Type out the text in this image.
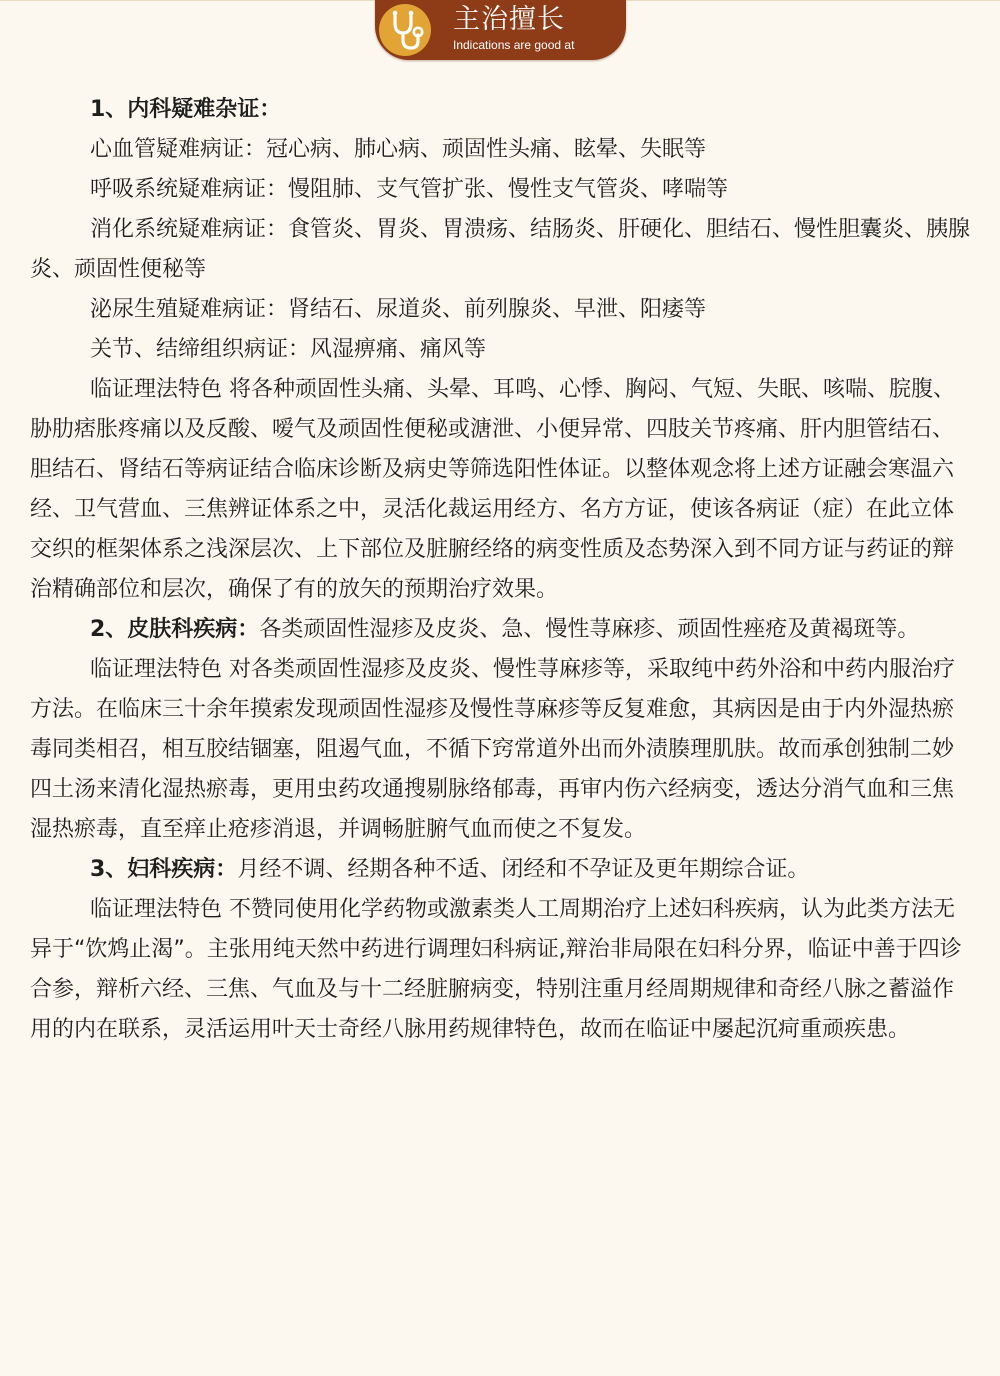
主治擅长
Indications are good at

1、内科疑难杂证：

心血管疑难病证：冠心病、肺心病、顽固性头痛、眩晕、失眠等

呼吸系统疑难病证：慢阻肺、支气管扩张、慢性支气管炎、哮喘等

消化系统疑难病证：食管炎、胃炎、胃溃疡、结肠炎、肝硬化、胆结石、慢性胆囊炎、胰腺炎、顽固性便秘等

泌尿生殖疑难病证：肾结石、尿道炎、前列腺炎、早泄、阳痿等

关节、结缔组织病证：风湿痹痛、痛风等

临证理法特色 将各种顽固性头痛、头晕、耳鸣、心悸、胸闷、气短、失眠、咳喘、脘腹、胁肋痞胀疼痛以及反酸、嗳气及顽固性便秘或溏泄、小便异常、四肢关节疼痛、肝内胆管结石、胆结石、肾结石等病证结合临床诊断及病史等筛选阳性体证。以整体观念将上述方证融会寒温六经、卫气营血、三焦辨证体系之中，灵活化裁运用经方、名方方证，使该各病证（症）在此立体交织的框架体系之浅深层次、上下部位及脏腑经络的病变性质及态势深入到不同方证与药证的辩治精确部位和层次，确保了有的放矢的预期治疗效果。

2、皮肤科疾病：各类顽固性湿疹及皮炎、急、慢性荨麻疹、顽固性痤疮及黄褐斑等。

临证理法特色 对各类顽固性湿疹及皮炎、慢性荨麻疹等，采取纯中药外浴和中药内服治疗方法。在临床三十余年摸索发现顽固性湿疹及慢性荨麻疹等反复难愈，其病因是由于内外湿热瘀毒同类相召，相互胶结锢塞，阻遏气血，不循下窍常道外出而外渍腠理肌肤。故而承创独制二妙四土汤来清化湿热瘀毒，更用虫药攻通搜剔脉络郁毒，再审内伤六经病变，透达分消气血和三焦湿热瘀毒，直至痒止疮疹消退，并调畅脏腑气血而使之不复发。

3、妇科疾病：月经不调、经期各种不适、闭经和不孕证及更年期综合证。

临证理法特色 不赞同使用化学药物或激素类人工周期治疗上述妇科疾病，认为此类方法无异于“饮鸩止渴”。主张用纯天然中药进行调理妇科病证,辩治非局限在妇科分界，临证中善于四诊合参，辩析六经、三焦、气血及与十二经脏腑病变，特别注重月经周期规律和奇经八脉之蓄溢作用的内在联系，灵活运用叶天士奇经八脉用药规律特色，故而在临证中屡起沉疴重顽疾患。
